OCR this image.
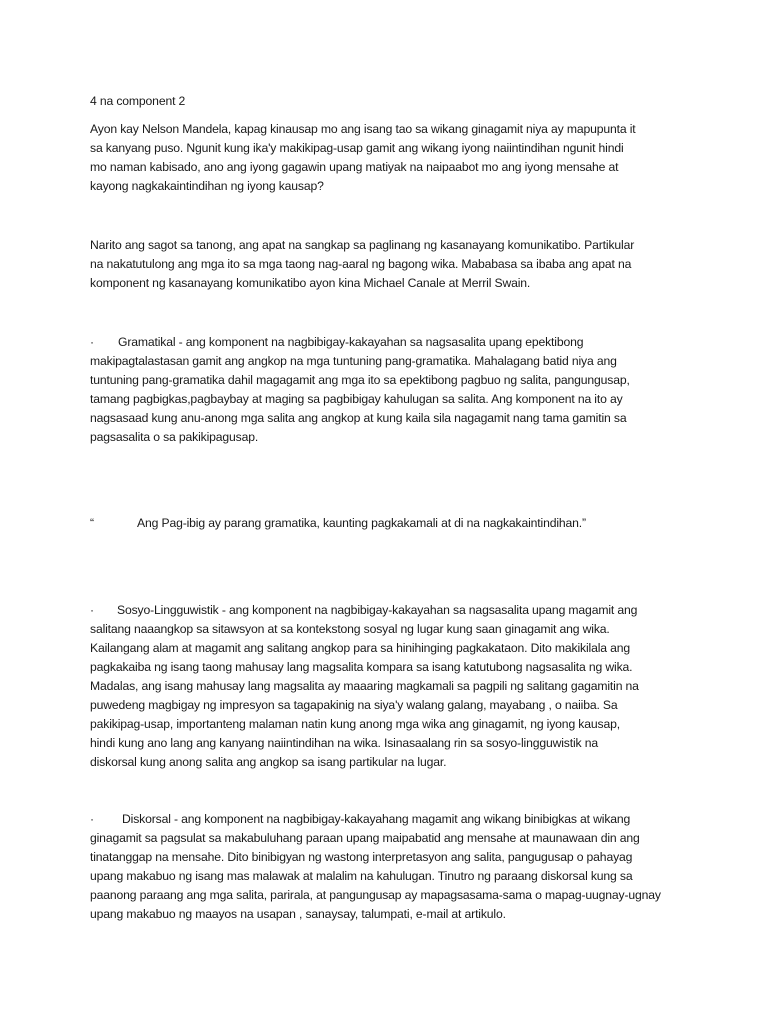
4 na component 2
Ayon kay Nelson Mandela, kapag kinausap mo ang isang tao sa wikang ginagamit niya ay mapupunta it
sa kanyang puso. Ngunit kung ika'y makikipag-usap gamit ang wikang iyong naiintindihan ngunit hindi
mo naman kabisado, ano ang iyong gagawin upang matiyak na naipaabot mo ang iyong mensahe at
kayong nagkakaintindihan ng iyong kausap?
Narito ang sagot sa tanong, ang apat na sangkap sa paglinang ng kasanayang komunikatibo. Partikular
na nakatutulong ang mga ito sa mga taong nag-aaral ng bagong wika. Mababasa sa ibaba ang apat na
komponent ng kasanayang komunikatibo ayon kina Michael Canale at Merril Swain.
· Gramatikal - ang komponent na nagbibigay-kakayahan sa nagsasalita upang epektibong
makipagtalastasan gamit ang angkop na mga tuntuning pang-gramatika. Mahalagang batid niya ang
tuntuning pang-gramatika dahil magagamit ang mga ito sa epektibong pagbuo ng salita, pangungusap,
tamang pagbigkas,pagbaybay at maging sa pagbibigay kahulugan sa salita. Ang komponent na ito ay
nagsasaad kung anu-anong mga salita ang angkop at kung kaila sila nagagamit nang tama gamitin sa
pagsasalita o sa pakikipagusap.
“	Ang Pag-ibig ay parang gramatika, kaunting pagkakamali at di na nagkakaintindihan.”
· Sosyo-Lingguwistik - ang komponent na nagbibigay-kakayahan sa nagsasalita upang magamit ang
salitang naaangkop sa sitawsyon at sa kontekstong sosyal ng lugar kung saan ginagamit ang wika.
Kailangang alam at magamit ang salitang angkop para sa hinihinging pagkakataon. Dito makikilala ang
pagkakaiba ng isang taong mahusay lang magsalita kompara sa isang katutubong nagsasalita ng wika.
Madalas, ang isang mahusay lang magsalita ay maaaring magkamali sa pagpili ng salitang gagamitin na
puwedeng magbigay ng impresyon sa tagapakinig na siya'y walang galang, mayabang , o naiiba. Sa
pakikipag-usap, importanteng malaman natin kung anong mga wika ang ginagamit, ng iyong kausap,
hindi kung ano lang ang kanyang naiintindihan na wika. Isinasaalang rin sa sosyo-lingguwistik na
diskorsal kung anong salita ang angkop sa isang partikular na lugar.
· Diskorsal - ang komponent na nagbibigay-kakayahang magamit ang wikang binibigkas at wikang
ginagamit sa pagsulat sa makabuluhang paraan upang maipabatid ang mensahe at maunawaan din ang
tinatanggap na mensahe. Dito binibigyan ng wastong interpretasyon ang salita, pangugusap o pahayag
upang makabuo ng isang mas malawak at malalim na kahulugan. Tinutro ng paraang diskorsal kung sa
paanong paraang ang mga salita, parirala, at pangungusap ay mapagsasama-sama o mapag-uugnay-ugnay
upang makabuo ng maayos na usapan , sanaysay, talumpati, e-mail at artikulo.
